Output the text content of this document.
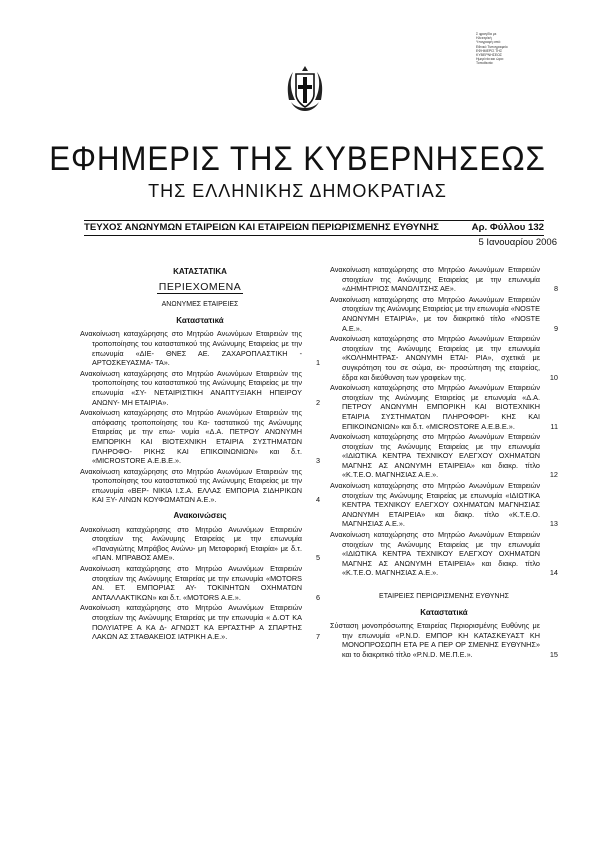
Σ φραγίδα με
Ηλεκτρ/κή
Υπογραφή από:
Εθνικό Τυπογραφείο
ΕΦΗΜΕΡΙΣ ΤΗΣ
ΚΥΒΕΡΝΗΣΕΩΣ
Ημερ/νία και ώρα:
Τοποθεσία:
ΕΦΗΜΕΡΙΣ ΤΗΣ ΚΥΒΕΡΝΗΣΕΩΣ
ΤΗΣ ΕΛΛΗΝΙΚΗΣ ΔΗΜΟΚΡΑΤΙΑΣ
ΤΕΥΧΟΣ ΑΝΩΝΥΜΩΝ ΕΤΑΙΡΕΙΩΝ ΚΑΙ ΕΤΑΙΡΕΙΩΝ ΠΕΡΙΩΡΙΣΜΕΝΗΣ ΕΥΘΥΝΗΣ	Αρ. Φύλλου 132
5 Ιανουαρίου 2006
ΚΑΤΑΣΤΑΤΙΚΑ
ΠΕΡΙΕΧΟΜΕΝΑ
ΑΝΩΝΥΜΕΣ ΕΤΑΙΡΕΙΕΣ
Καταστατικά
Ανακοίνωση καταχώρησης στο Μητρώο Ανωνύμων Εταιρειών της τροποποίησης του καταστατικού της Ανώνυμης Εταιρείας με την επωνυμία «ΔΙΕ- ΘΝΕΣ ΑΕ. ΖΑΧΑΡΟΠΛΑΣΤΙΚΗ - ΑΡΤΟΣΚΕΥΑΣΜΑ- ΤΑ».	1
Ανακοίνωση καταχώρησης στο Μητρώο Ανωνύμων Εταιρειών της τροποποίησης του καταστατικού της Ανώνυμης Εταιρείας με την επωνυμία «ΣΥ- ΝΕΤΑΙΡΙΣΤΙΚΗ ΑΝΑΠΤΥΞΙΑΚΗ ΗΠΕΙΡΟΥ ΑΝΩΝΥ- ΜΗ ΕΤΑΙΡΙΑ».	2
Ανακοίνωση καταχώρησης στο Μητρώο Ανωνύμων Εταιρειών της απόφασης τροποποίησης του Κα- ταστατικού της Ανώνυμης Εταιρείας με την επω- νυμία «Δ.Α. ΠΕΤΡΟΥ ΑΝΩΝΥΜΗ ΕΜΠΟΡΙΚΗ ΚΑΙ ΒΙΟΤΕΧΝΙΚΗ ΕΤΑΙΡΙΑ ΣΥΣΤΗΜΑΤΩΝ ΠΛΗΡΟΦΟ- ΡΙΚΗΣ ΚΑΙ ΕΠΙΚΟΙΝΩΝΙΩΝ» και δ.τ. «MICROSTORE Α.Ε.Β.Ε.».	3
Ανακοίνωση καταχώρησης στο Μητρώο Ανωνύμων Εταιρειών της τροποποίησης του καταστατικού της Ανώνυμης Εταιρείας με την επωνυμία «ΒΕΡ- ΝΙΚΙΑ Ι.Σ.Α. ΕΛΛΑΣ ΕΜΠΟΡΙΑ ΣΙΔΗΡΙΚΩΝ ΚΑΙ ΞΥ- ΛΙΝΩΝ ΚΟΥΦΩΜΑΤΩΝ Α.Ε.».	4
Ανακοινώσεις
Ανακοίνωση καταχώρησης στο Μητρώο Ανωνύμων Εταιρειών στοιχείων της Ανώνυμης Εταιρείας με την επωνυμία «Παναγιώτης Μπράβος Ανώνυ- μη Μεταφορική Εταιρία» με δ.τ. «ΠΑΝ. ΜΠΡΑΒΟΣ ΑΜΕ».	5
Ανακοίνωση καταχώρησης στο Μητρώο Ανωνύμων Εταιρειών στοιχείων της Ανώνυμης Εταιρείας με την επωνυμία «MOTORS ΑΝ. ΕΤ. ΕΜΠΟΡΙΑΣ ΑΥ- ΤΟΚΙΝΗΤΩΝ ΟΧΗΜΑΤΩΝ ΑΝΤΑΛΛΑΚΤΙΚΩΝ» και δ.τ. «MOTORS Α.Ε.».	6
Ανακοίνωση καταχώρησης στο Μητρώο Ανωνύμων Εταιρειών στοιχείων της Ανώνυμης Εταιρείας με την επωνυμία « Δ.ΟΤ ΚΑ ΠΟΛΥΙΑΤΡΕ Α ΚΑ Δ- ΑΓΝΩΣΤ ΚΑ ΕΡΓΑΣΤΗΡ Α ΣΠΑΡΤΗΣ ΛΑΚΩΝ ΑΣ ΣΤΑΘΑΚΕΙΟΣ ΙΑΤΡΙΚΗ Α.Ε.».	7
Ανακοίνωση καταχώρησης στο Μητρώο Ανωνύμων Εταιρειών στοιχείων της Ανώνυμης Εταιρείας με την επωνυμία «ΔΗΜΗΤΡΙΟΣ ΜΑΝΩΛΙΤΣΗΣ ΑΕ».	8
Ανακοίνωση καταχώρησης στο Μητρώο Ανωνύμων Εταιρειών στοιχείων της Ανώνυμης Εταιρείας με την επωνυμία «NOSTE ΑΝΩΝΥΜΗ ΕΤΑΙΡΙΑ», με τον διακριτικό τίτλο «NOSTE Α.Ε.».	9
Ανακοίνωση καταχώρησης στο Μητρώο Ανωνύμων Εταιρειών στοιχείων της Ανώνυμης Εταιρείας με την επωνυμία «ΚΟΛΗΜΗΤΡΑΣ- ΑΝΩΝΥΜΗ ΕΤΑΙ- ΡΙΑ», σχετικά με συγκρότηση του σε σώμα, εκ- προσώπηση της εταιρείας, έδρα και διεύθυνση των γραφείων της.	10
Ανακοίνωση καταχώρησης στο Μητρώο Ανωνύμων Εταιρειών στοιχείων της Ανώνυμης Εταιρείας με επωνυμία «Δ.Α. ΠΕΤΡΟΥ ΑΝΩΝΥΜΗ ΕΜΠΟΡΙΚΗ ΚΑΙ ΒΙΟΤΕΧΝΙΚΗ ΕΤΑΙΡΙΑ ΣΥΣΤΗΜΑΤΩΝ ΠΛΗΡΟΦΟΡΙ- ΚΗΣ ΚΑΙ ΕΠΙΚΟΙΝΩΝΙΩΝ» και δ.τ. «MICROSTORE Α.Ε.Β.Ε.».	11
Ανακοίνωση καταχώρησης στο Μητρώο Ανωνύμων Εταιρειών στοιχείων της Ανώνυμης Εταιρείας με την επωνυμία «ΙΔΙΩΤΙΚΑ ΚΕΝΤΡΑ ΤΕΧΝΙΚΟΥ ΕΛΕΓΧΟΥ ΟΧΗΜΑΤΩΝ ΜΑΓΝΗΣ ΑΣ ΑΝΩΝΥΜΗ ΕΤΑΙΡΕΙΑ» και διακρ. τίτλο «Κ.Τ.Ε.Ο. ΜΑΓΝΗΣΙΑΣ Α.Ε.».	12
Ανακοίνωση καταχώρησης στο Μητρώο Ανωνύμων Εταιρειών στοιχείων της Ανώνυμης Εταιρείας με επωνυμία «ΙΔΙΩΤΙΚΑ ΚΕΝΤΡΑ ΤΕΧΝΙΚΟΥ ΕΛΕΓΧΟΥ ΟΧΗΜΑΤΩΝ ΜΑΓΝΗΣΙΑΣ ΑΝΩΝΥΜΗ ΕΤΑΙΡΕΙΑ» και διακρ. τίτλο «Κ.Τ.Ε.Ο. ΜΑΓΝΗΣΙΑΣ Α.Ε.».	13
Ανακοίνωση καταχώρησης στο Μητρώο Ανωνύμων Εταιρειών στοιχείων της Ανώνυμης Εταιρείας με την επωνυμία «ΙΔΙΩΤΙΚΑ ΚΕΝΤΡΑ ΤΕΧΝΙΚΟΥ ΕΛΕΓΧΟΥ ΟΧΗΜΑΤΩΝ ΜΑΓΝΗΣ ΑΣ ΑΝΩΝΥΜΗ ΕΤΑΙΡΕΙΑ» και διακρ. τίτλο «Κ.Τ.Ε.Ο. ΜΑΓΝΗΣΙΑΣ Α.Ε.».	14
ΕΤΑΙΡΕΙΕΣ ΠΕΡΙΩΡΙΣΜΕΝΗΣ ΕΥΘΥΝΗΣ
Καταστατικά
Σύσταση μονοπρόσωπης Εταιρείας Περιορισμένης Ευθύνης με την επωνυμία «P.N.D. ΕΜΠΟΡ ΚΗ ΚΑΤΑΣΚΕΥΑΣΤ ΚΗ ΜΟΝΟΠΡΟΣΩΠΗ ΕΤΑ ΡΕ Α ΠΕΡ ΟΡ ΣΜΕΝΗΣ ΕΥΘΥΝΗΣ» και το διακριτικό τίτλο «P.N.D. ΜΕ.Π.Ε.».	15
